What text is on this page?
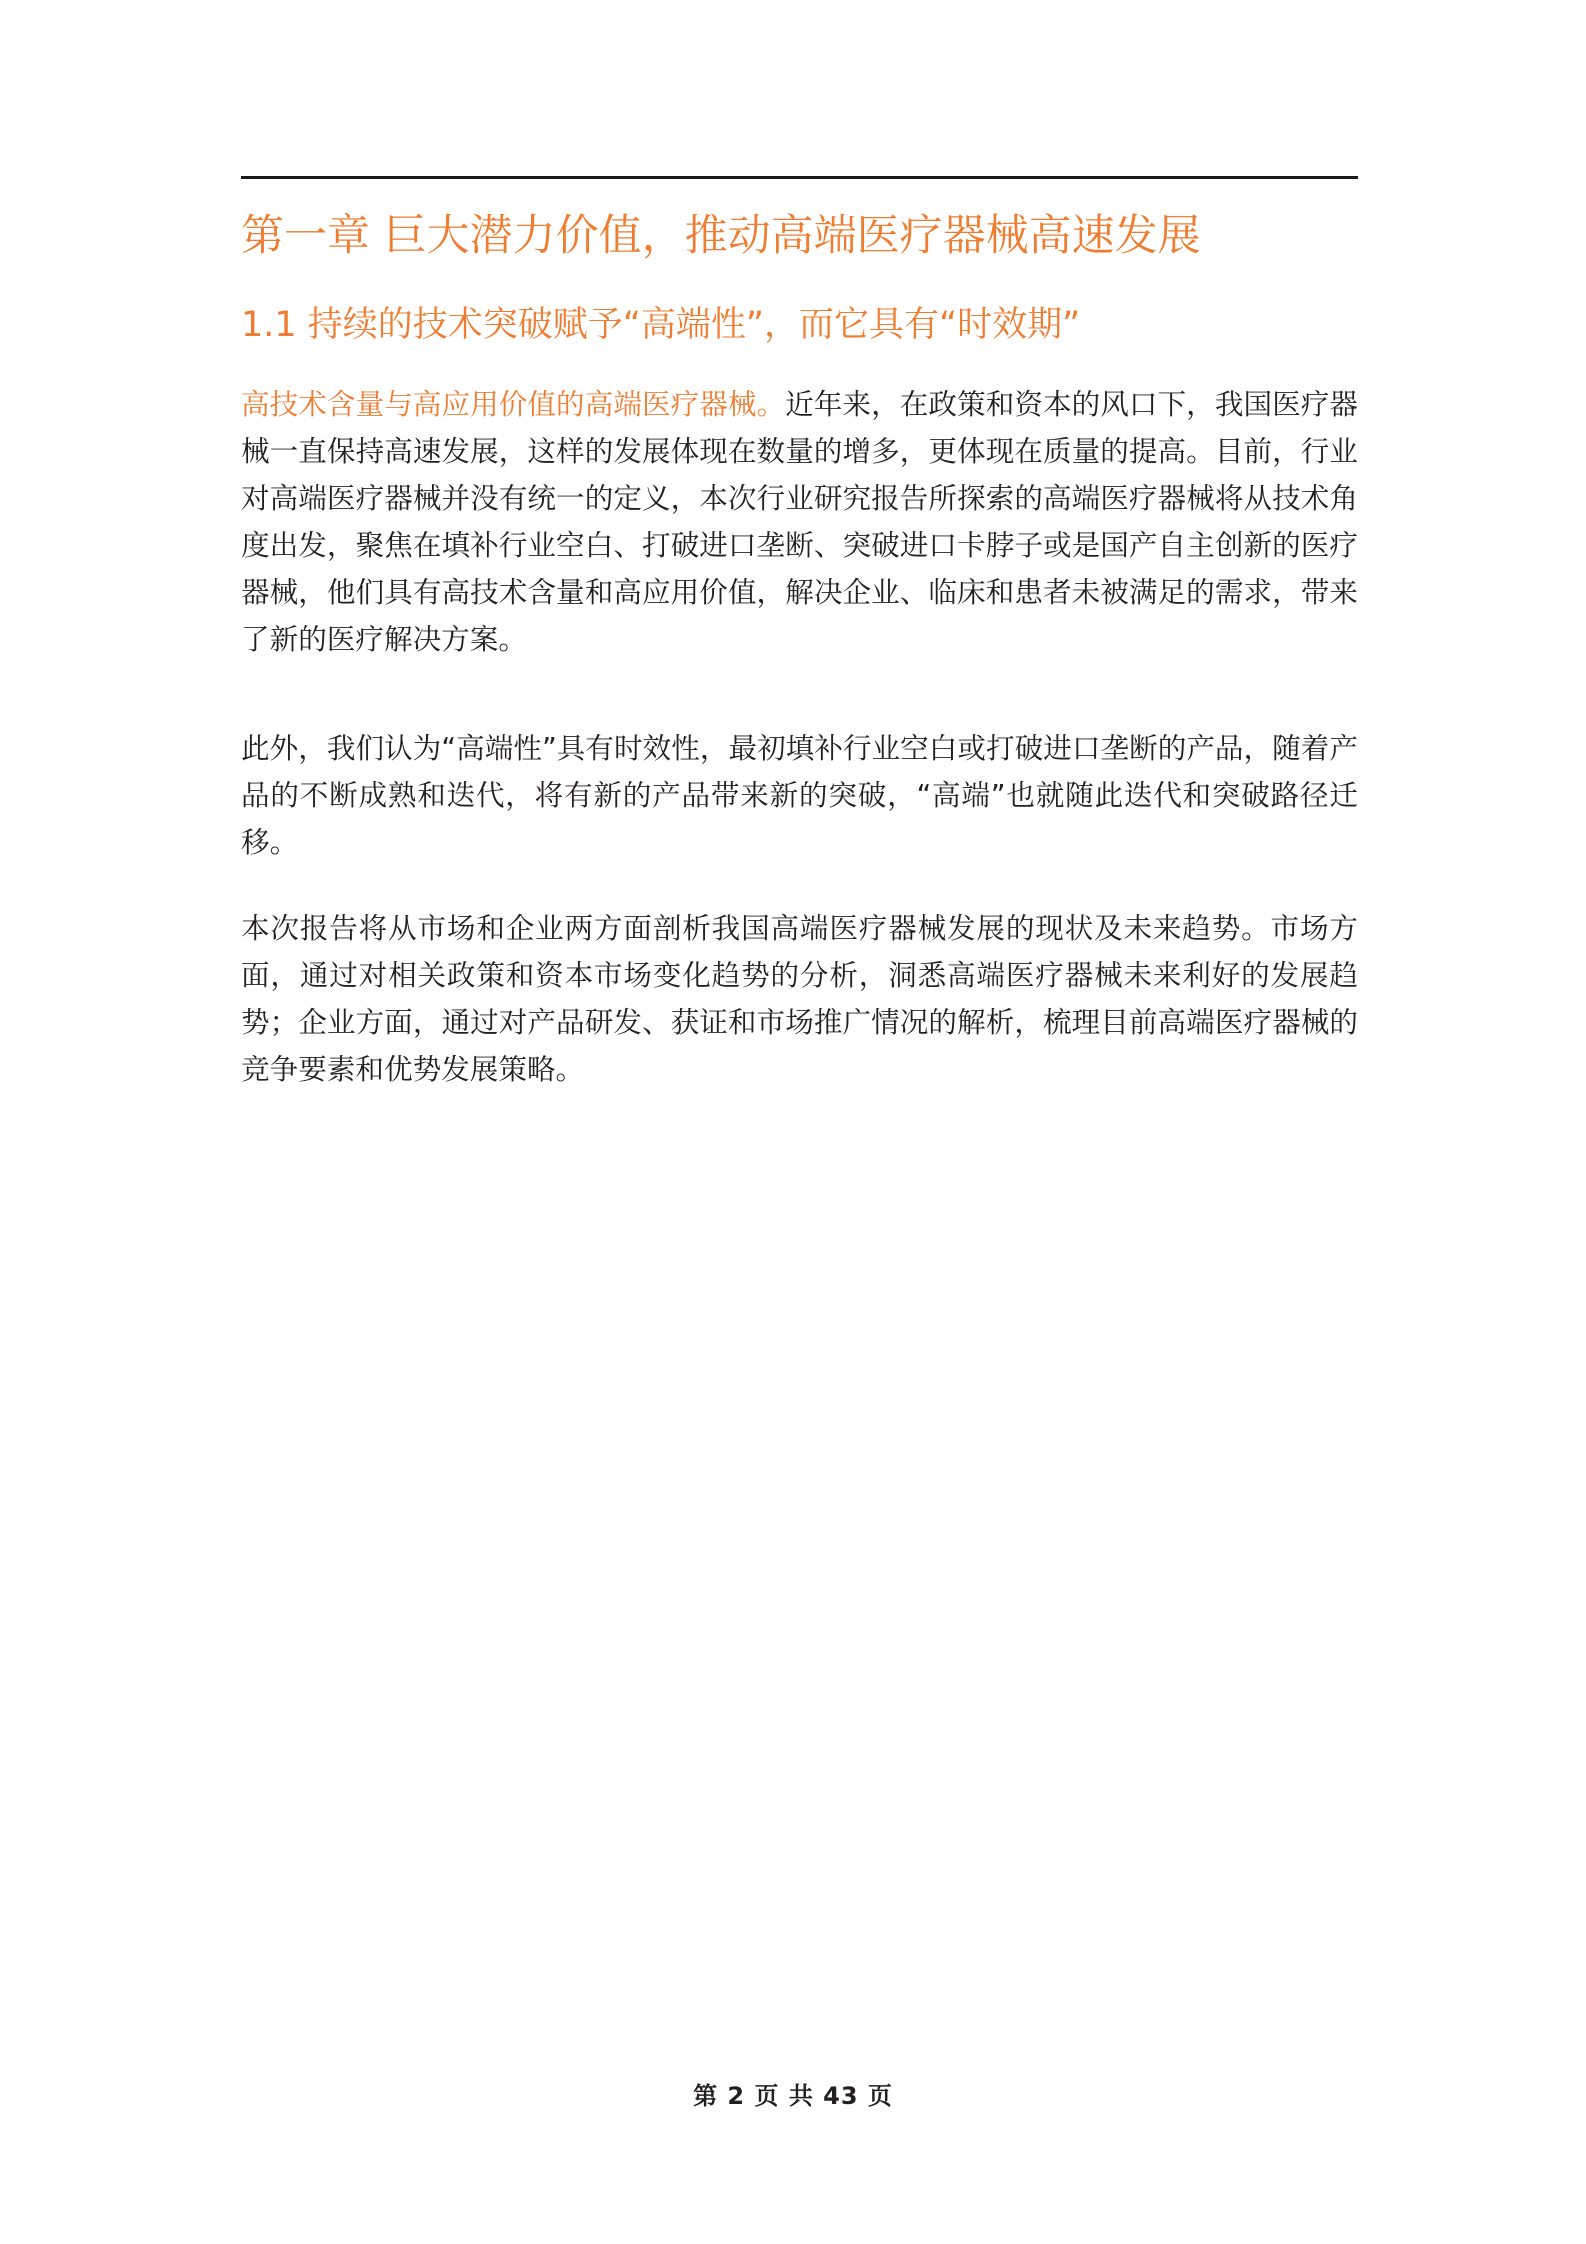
第一章 巨大潜力价值，推动高端医疗器械高速发展
1.1 持续的技术突破赋予“高端性”，而它具有“时效期”

高技术含量与高应用价值的高端医疗器械。近年来，在政策和资本的风口下，我国医疗器械一直保持高速发展，这样的发展体现在数量的增多，更体现在质量的提高。目前，行业对高端医疗器械并没有统一的定义，本次行业研究报告所探索的高端医疗器械将从技术角度出发，聚焦在填补行业空白、打破进口垄断、突破进口卡脖子或是国产自主创新的医疗器械，他们具有高技术含量和高应用价值，解决企业、临床和患者未被满足的需求，带来了新的医疗解决方案。

此外，我们认为“高端性”具有时效性，最初填补行业空白或打破进口垄断的产品，随着产品的不断成熟和迭代，将有新的产品带来新的突破，“高端”也就随此迭代和突破路径迁移。

本次报告将从市场和企业两方面剖析我国高端医疗器械发展的现状及未来趋势。市场方面，通过对相关政策和资本市场变化趋势的分析，洞悉高端医疗器械未来利好的发展趋势；企业方面，通过对产品研发、获证和市场推广情况的解析，梳理目前高端医疗器械的竞争要素和优势发展策略。

第 2 页 共 43 页
